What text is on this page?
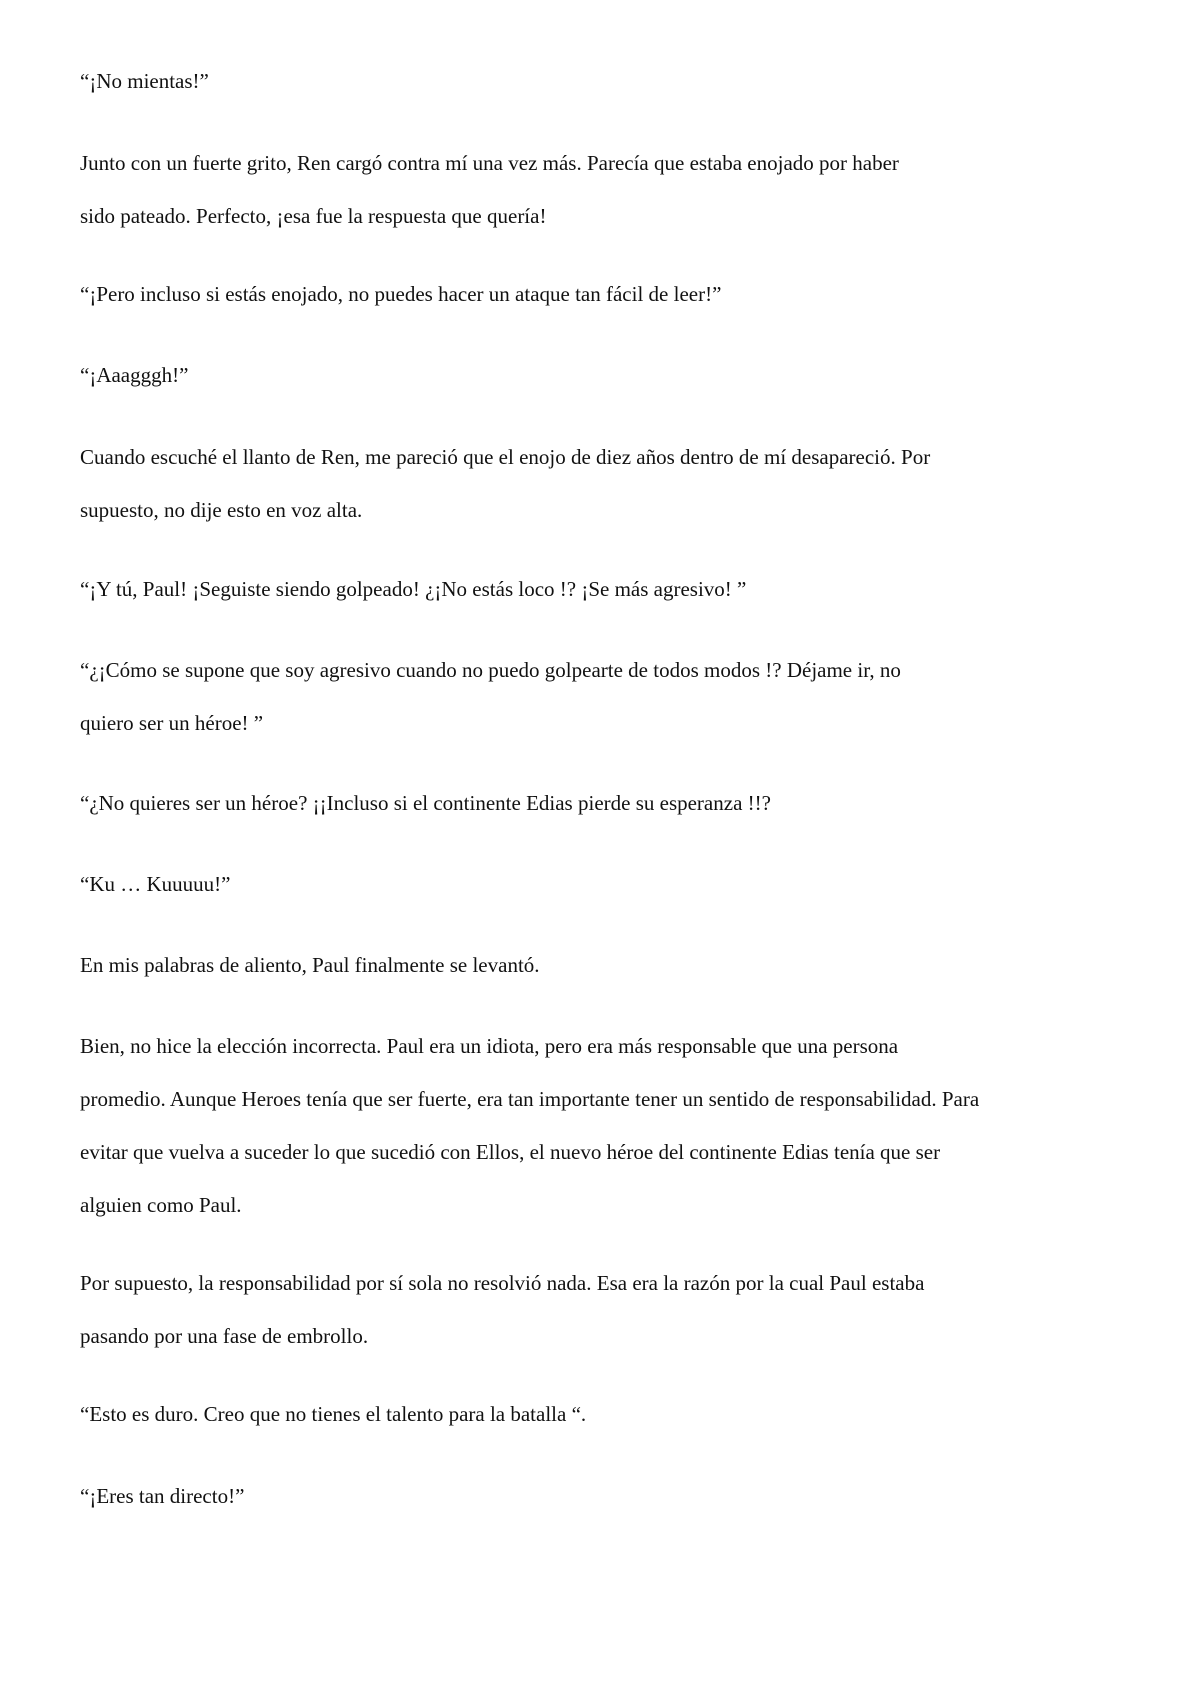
“¡No mientas!”
Junto con un fuerte grito, Ren cargó contra mí una vez más. Parecía que estaba enojado por haber
sido pateado. Perfecto, ¡esa fue la respuesta que quería!
“¡Pero incluso si estás enojado, no puedes hacer un ataque tan fácil de leer!”
“¡Aaagggh!”
Cuando escuché el llanto de Ren, me pareció que el enojo de diez años dentro de mí desapareció. Por
supuesto, no dije esto en voz alta.
“¡Y tú, Paul! ¡Seguiste siendo golpeado! ¿¡No estás loco !? ¡Se más agresivo! ”
“¿¡Cómo se supone que soy agresivo cuando no puedo golpearte de todos modos !? Déjame ir, no
quiero ser un héroe! ”
“¿No quieres ser un héroe? ¡¡Incluso si el continente Edias pierde su esperanza !!?
“Ku … Kuuuuu!”
En mis palabras de aliento, Paul finalmente se levantó.
Bien, no hice la elección incorrecta. Paul era un idiota, pero era más responsable que una persona
promedio. Aunque Heroes tenía que ser fuerte, era tan importante tener un sentido de responsabilidad. Para
evitar que vuelva a suceder lo que sucedió con Ellos, el nuevo héroe del continente Edias tenía que ser
alguien como Paul.
Por supuesto, la responsabilidad por sí sola no resolvió nada. Esa era la razón por la cual Paul estaba
pasando por una fase de embrollo.
“Esto es duro. Creo que no tienes el talento para la batalla “.
“¡Eres tan directo!”
